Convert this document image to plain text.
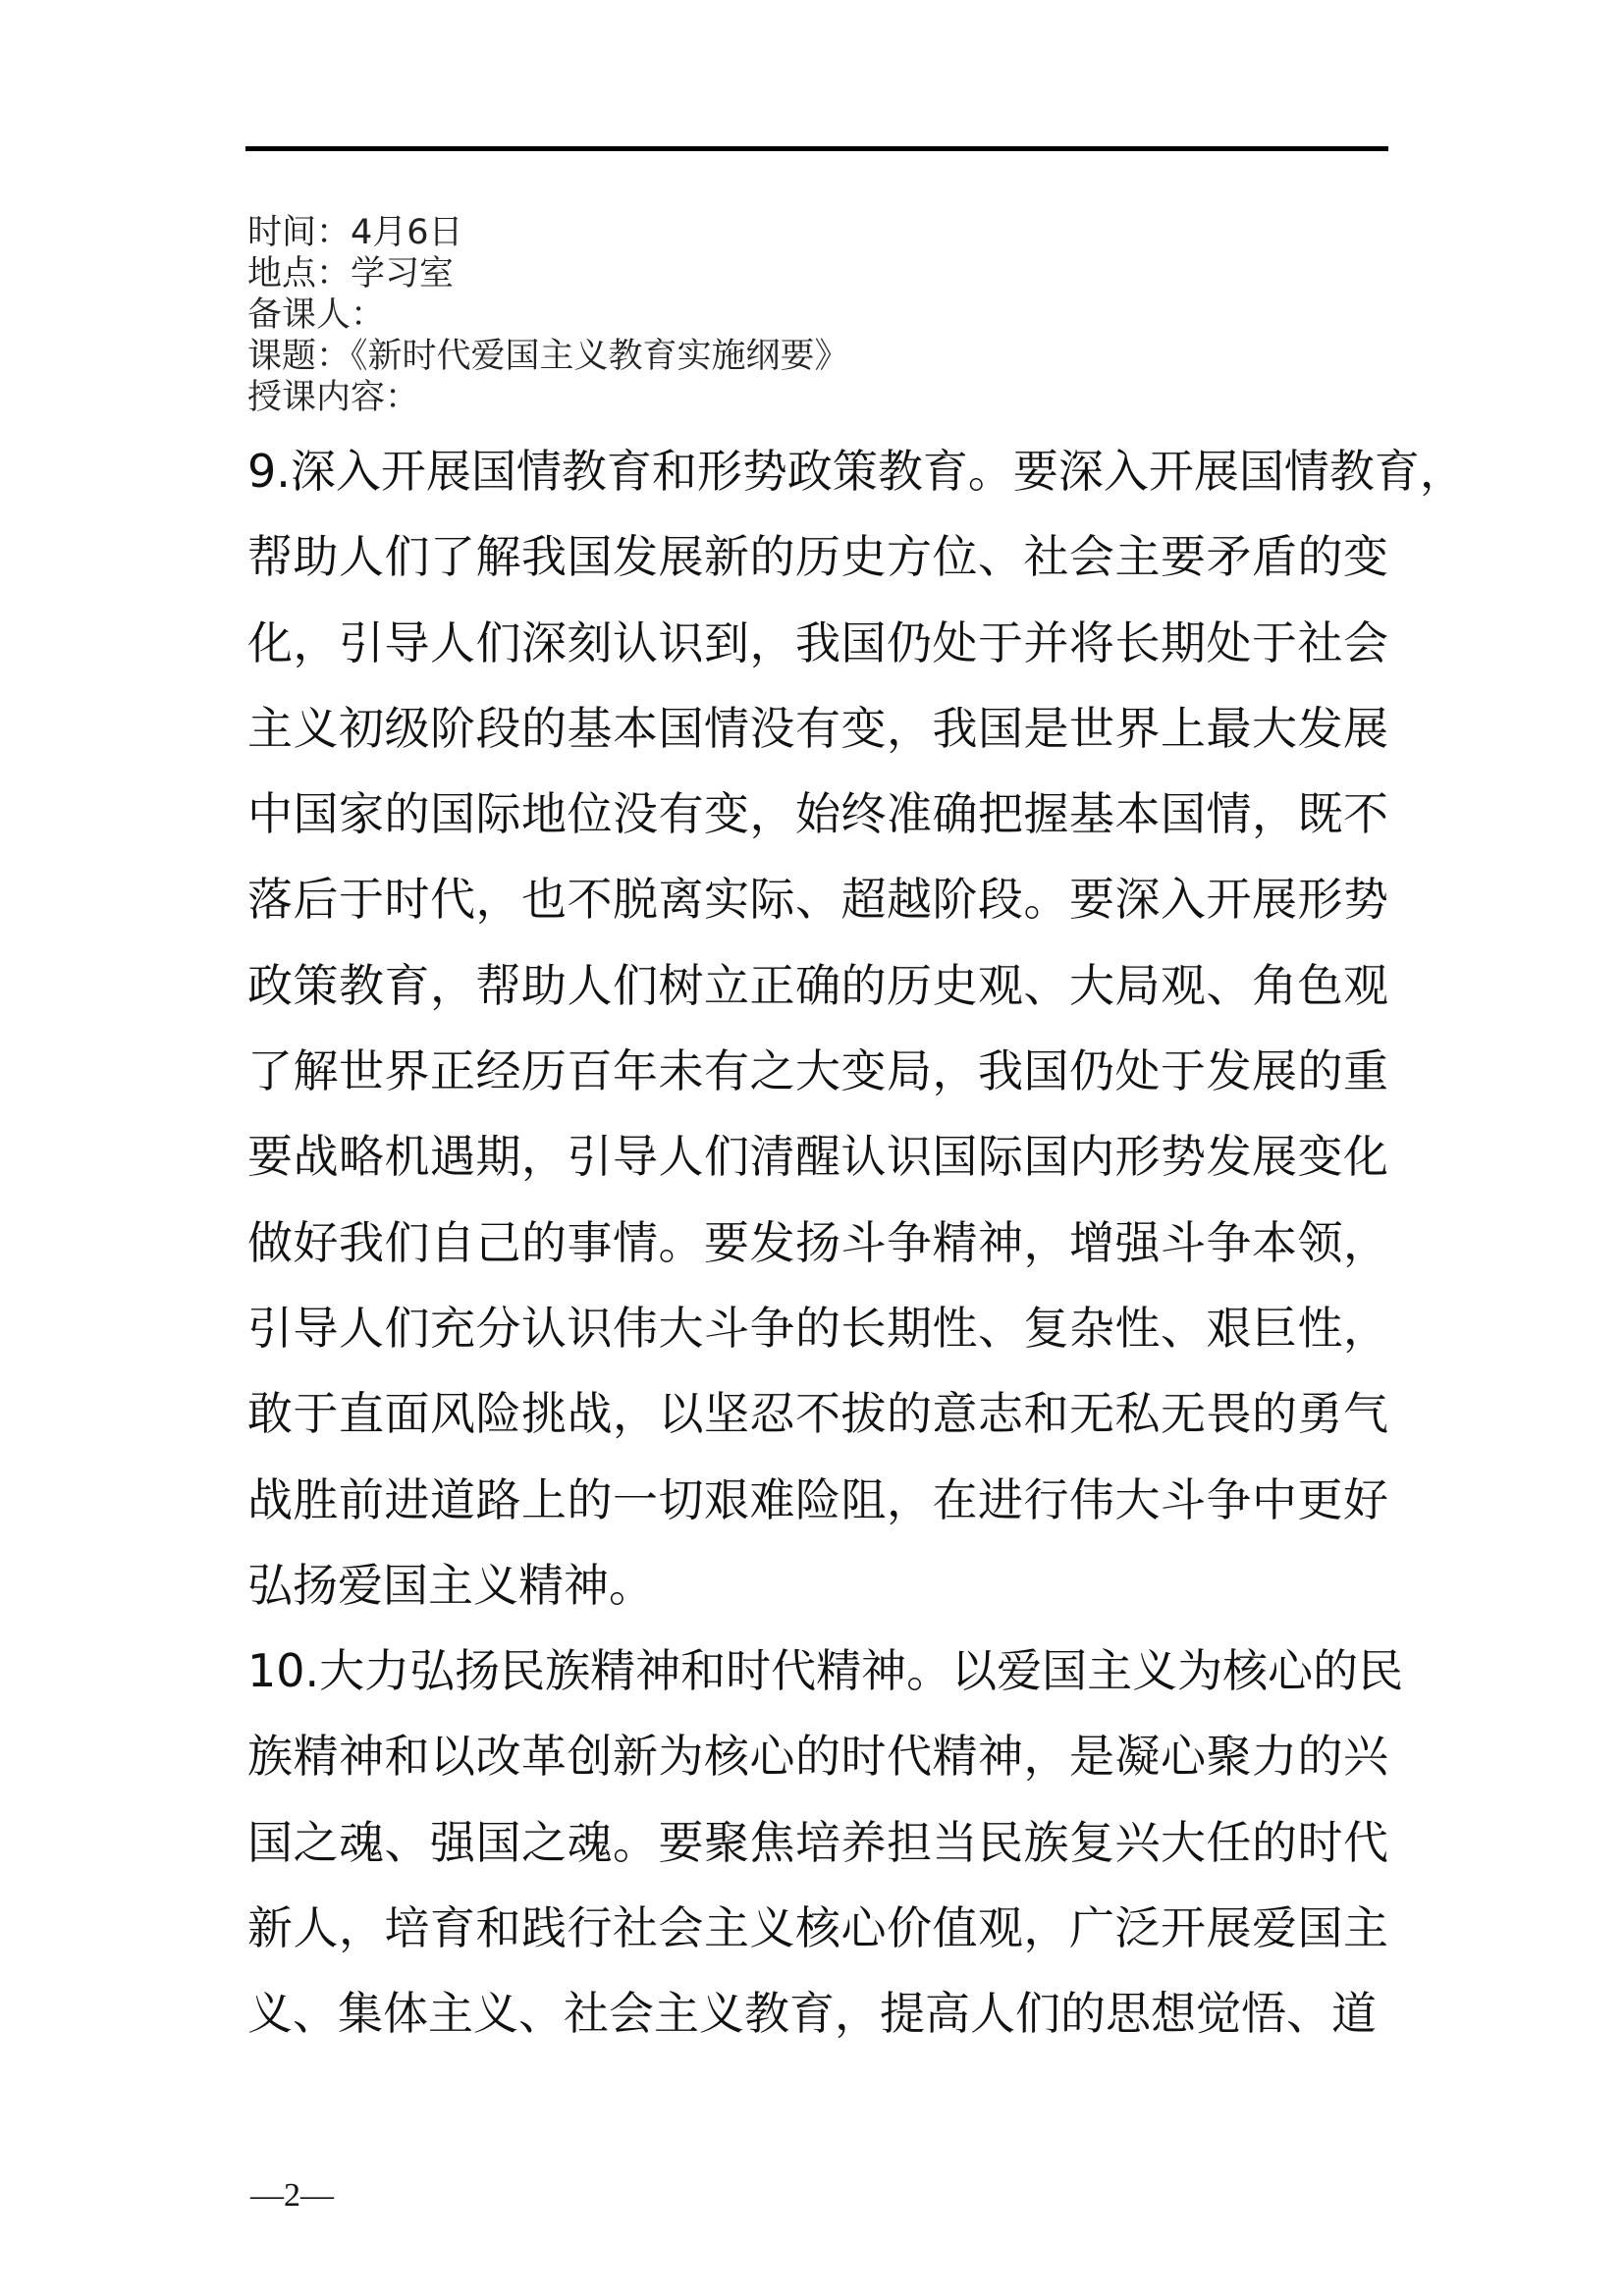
时间：4月6日
地点：学习室
备课人：
课题：《新时代爱国主义教育实施纲要》
授课内容：
9.深入开展国情教育和形势政策教育。要深入开展国情教育，
帮助人们了解我国发展新的历史方位、社会主要矛盾的变
化，引导人们深刻认识到，我国仍处于并将长期处于社会
主义初级阶段的基本国情没有变，我国是世界上最大发展
中国家的国际地位没有变，始终准确把握基本国情，既不
落后于时代，也不脱离实际、超越阶段。要深入开展形势
政策教育，帮助人们树立正确的历史观、大局观、角色观
了解世界正经历百年未有之大变局，我国仍处于发展的重
要战略机遇期，引导人们清醒认识国际国内形势发展变化
做好我们自己的事情。要发扬斗争精神，增强斗争本领，
引导人们充分认识伟大斗争的长期性、复杂性、艰巨性，
敢于直面风险挑战，以坚忍不拔的意志和无私无畏的勇气
战胜前进道路上的一切艰难险阻，在进行伟大斗争中更好
弘扬爱国主义精神。
10.大力弘扬民族精神和时代精神。以爱国主义为核心的民
族精神和以改革创新为核心的时代精神，是凝心聚力的兴
国之魂、强国之魂。要聚焦培养担当民族复兴大任的时代
新人，培育和践行社会主义核心价值观，广泛开展爱国主
义、集体主义、社会主义教育，提高人们的思想觉悟、道
—2—
